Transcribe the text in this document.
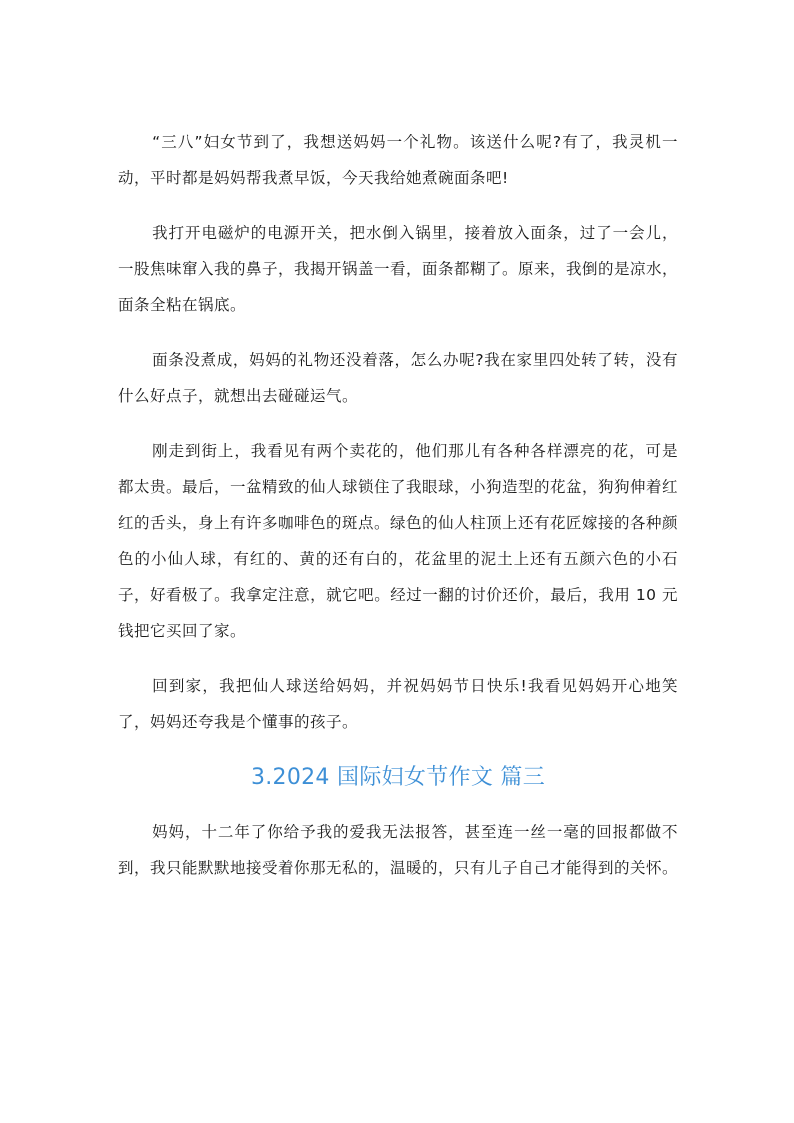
“三八”妇女节到了，我想送妈妈一个礼物。该送什么呢?有了，我灵机一动，平时都是妈妈帮我煮早饭，今天我给她煮碗面条吧!

我打开电磁炉的电源开关，把水倒入锅里，接着放入面条，过了一会儿，一股焦味窜入我的鼻子，我揭开锅盖一看，面条都糊了。原来，我倒的是凉水，面条全粘在锅底。

面条没煮成，妈妈的礼物还没着落，怎么办呢?我在家里四处转了转，没有什么好点子，就想出去碰碰运气。

刚走到街上，我看见有两个卖花的，他们那儿有各种各样漂亮的花，可是都太贵。最后，一盆精致的仙人球锁住了我眼球，小狗造型的花盆，狗狗伸着红红的舌头，身上有许多咖啡色的斑点。绿色的仙人柱顶上还有花匠嫁接的各种颜色的小仙人球，有红的、黄的还有白的，花盆里的泥土上还有五颜六色的小石子，好看极了。我拿定注意，就它吧。经过一翻的讨价还价，最后，我用 10 元钱把它买回了家。

回到家，我把仙人球送给妈妈，并祝妈妈节日快乐!我看见妈妈开心地笑了，妈妈还夸我是个懂事的孩子。

3.2024 国际妇女节作文 篇三

妈妈，十二年了你给予我的爱我无法报答，甚至连一丝一毫的回报都做不到，我只能默默地接受着你那无私的，温暖的，只有儿子自己才能得到的关怀。
